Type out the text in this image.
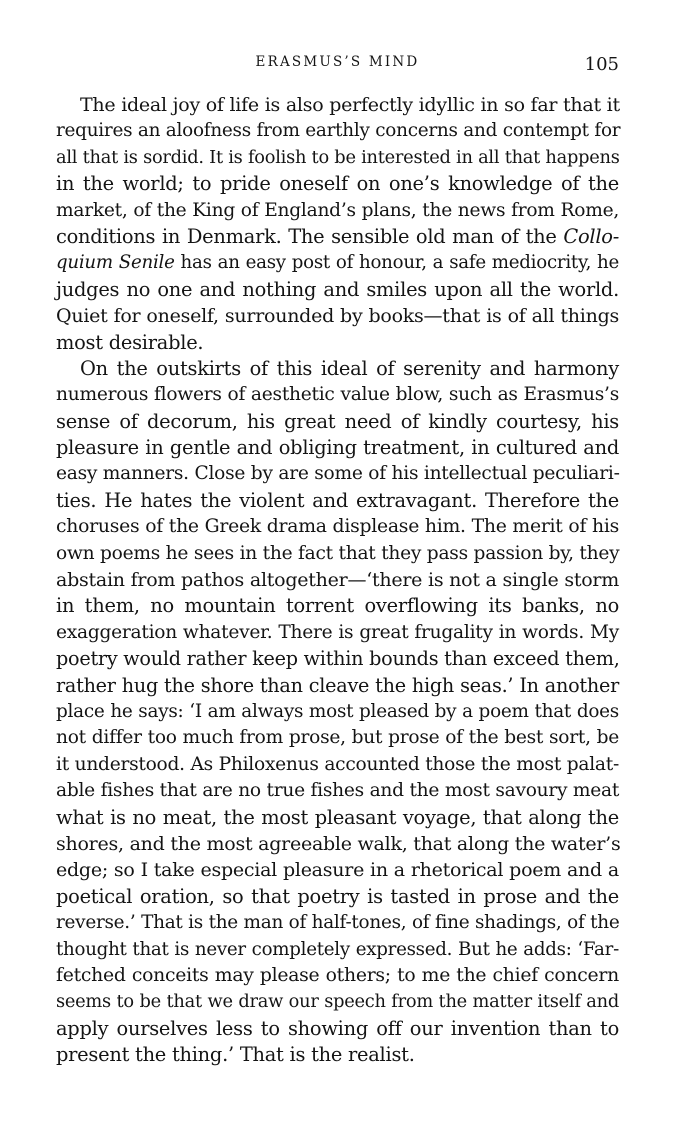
ERASMUS’S MIND	105
The ideal joy of life is also perfectly idyllic in so far that it
requires an aloofness from earthly concerns and contempt for
all that is sordid. It is foolish to be interested in all that happens
in the world; to pride oneself on one’s knowledge of the
market, of the King of England’s plans, the news from Rome,
conditions in Denmark. The sensible old man of the Collo-
quium Senile has an easy post of honour, a safe mediocrity, he
judges no one and nothing and smiles upon all the world.
Quiet for oneself, surrounded by books—that is of all things
most desirable.
On the outskirts of this ideal of serenity and harmony
numerous flowers of aesthetic value blow, such as Erasmus’s
sense of decorum, his great need of kindly courtesy, his
pleasure in gentle and obliging treatment, in cultured and
easy manners. Close by are some of his intellectual peculiari-
ties. He hates the violent and extravagant. Therefore the
choruses of the Greek drama displease him. The merit of his
own poems he sees in the fact that they pass passion by, they
abstain from pathos altogether—‘there is not a single storm
in them, no mountain torrent overflowing its banks, no
exaggeration whatever. There is great frugality in words. My
poetry would rather keep within bounds than exceed them,
rather hug the shore than cleave the high seas.’ In another
place he says: ‘I am always most pleased by a poem that does
not differ too much from prose, but prose of the best sort, be
it understood. As Philoxenus accounted those the most palat-
able fishes that are no true fishes and the most savoury meat
what is no meat, the most pleasant voyage, that along the
shores, and the most agreeable walk, that along the water’s
edge; so I take especial pleasure in a rhetorical poem and a
poetical oration, so that poetry is tasted in prose and the
reverse.’ That is the man of half-tones, of fine shadings, of the
thought that is never completely expressed. But he adds: ‘Far-
fetched conceits may please others; to me the chief concern
seems to be that we draw our speech from the matter itself and
apply ourselves less to showing off our invention than to
present the thing.’ That is the realist.
